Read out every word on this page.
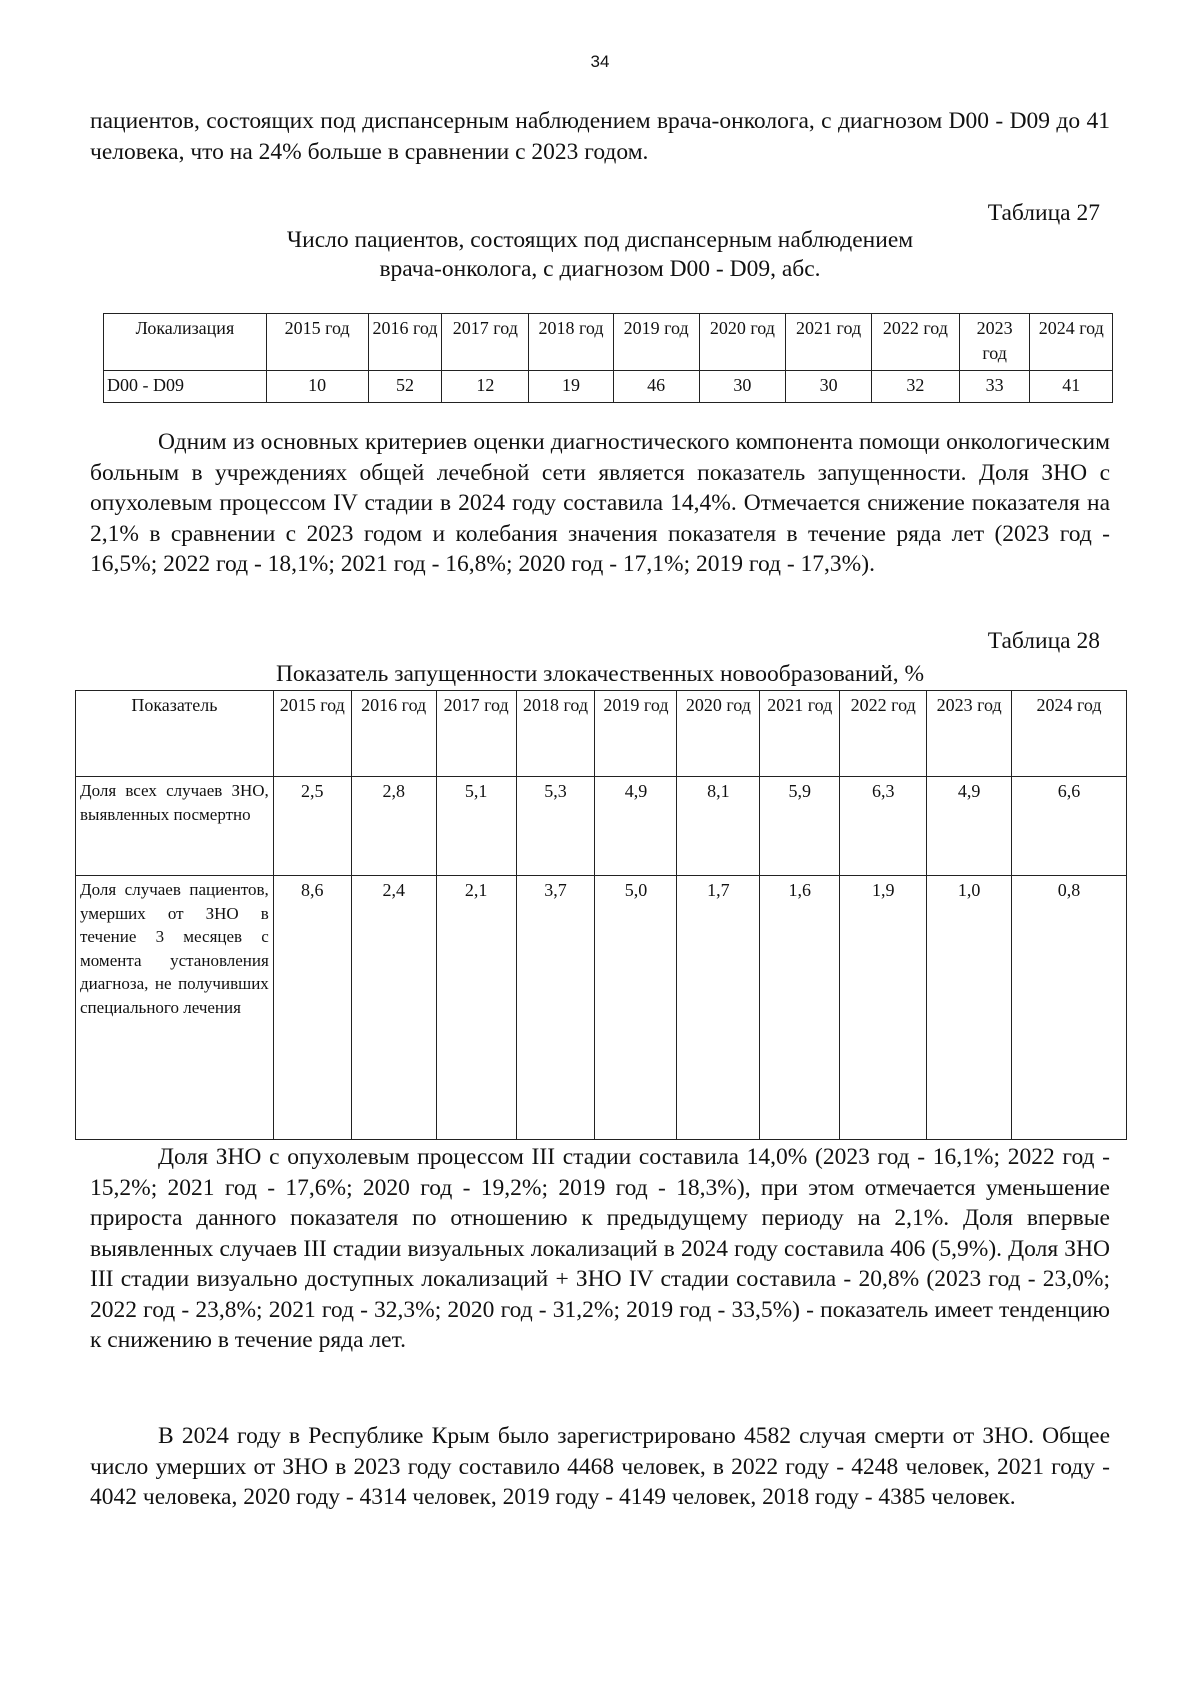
34

пациентов, состоящих под диспансерным наблюдением врача-онколога, с диагнозом D00 - D09 до 41 человека, что на 24% больше в сравнении с 2023 годом.

Таблица 27
Число пациентов, состоящих под диспансерным наблюдением
врача-онколога, с диагнозом D00 - D09, абс.
Локализация	2015 год	2016 год	2017 год	2018 год	2019 год	2020 год	2021 год	2022 год	2023 год	2024 год
D00 - D09	10	52	12	19	46	30	30	32	33	41

Одним из основных критериев оценки диагностического компонента помощи онкологическим больным в учреждениях общей лечебной сети является показатель запущенности. Доля ЗНО с опухолевым процессом IV стадии в 2024 году составила 14,4%. Отмечается снижение показателя на 2,1% в сравнении с 2023 годом и колебания значения показателя в течение ряда лет (2023 год - 16,5%; 2022 год - 18,1%; 2021 год - 16,8%; 2020 год - 17,1%; 2019 год - 17,3%).

Таблица 28
Показатель запущенности злокачественных новообразований, %
Показатель	2015 год	2016 год	2017 год	2018 год	2019 год	2020 год	2021 год	2022 год	2023 год	2024 год
Доля всех случаев ЗНО, выявленных посмертно	2,5	2,8	5,1	5,3	4,9	8,1	5,9	6,3	4,9	6,6
Доля случаев пациентов, умерших от ЗНО в течение 3 месяцев с момента установления диагноза, не получивших специального лечения	8,6	2,4	2,1	3,7	5,0	1,7	1,6	1,9	1,0	0,8

Доля ЗНО с опухолевым процессом III стадии составила 14,0% (2023 год - 16,1%; 2022 год - 15,2%; 2021 год - 17,6%; 2020 год - 19,2%; 2019 год - 18,3%), при этом отмечается уменьшение прироста данного показателя по отношению к предыдущему периоду на 2,1%. Доля впервые выявленных случаев III стадии визуальных локализаций в 2024 году составила 406 (5,9%). Доля ЗНО III стадии визуально доступных локализаций + ЗНО IV стадии составила - 20,8% (2023 год - 23,0%; 2022 год - 23,8%; 2021 год - 32,3%; 2020 год - 31,2%; 2019 год - 33,5%) - показатель имеет тенденцию к снижению в течение ряда лет.

В 2024 году в Республике Крым было зарегистрировано 4582 случая смерти от ЗНО. Общее число умерших от ЗНО в 2023 году составило 4468 человек, в 2022 году - 4248 человек, 2021 году - 4042 человека, 2020 году - 4314 человек, 2019 году - 4149 человек, 2018 году - 4385 человек.
